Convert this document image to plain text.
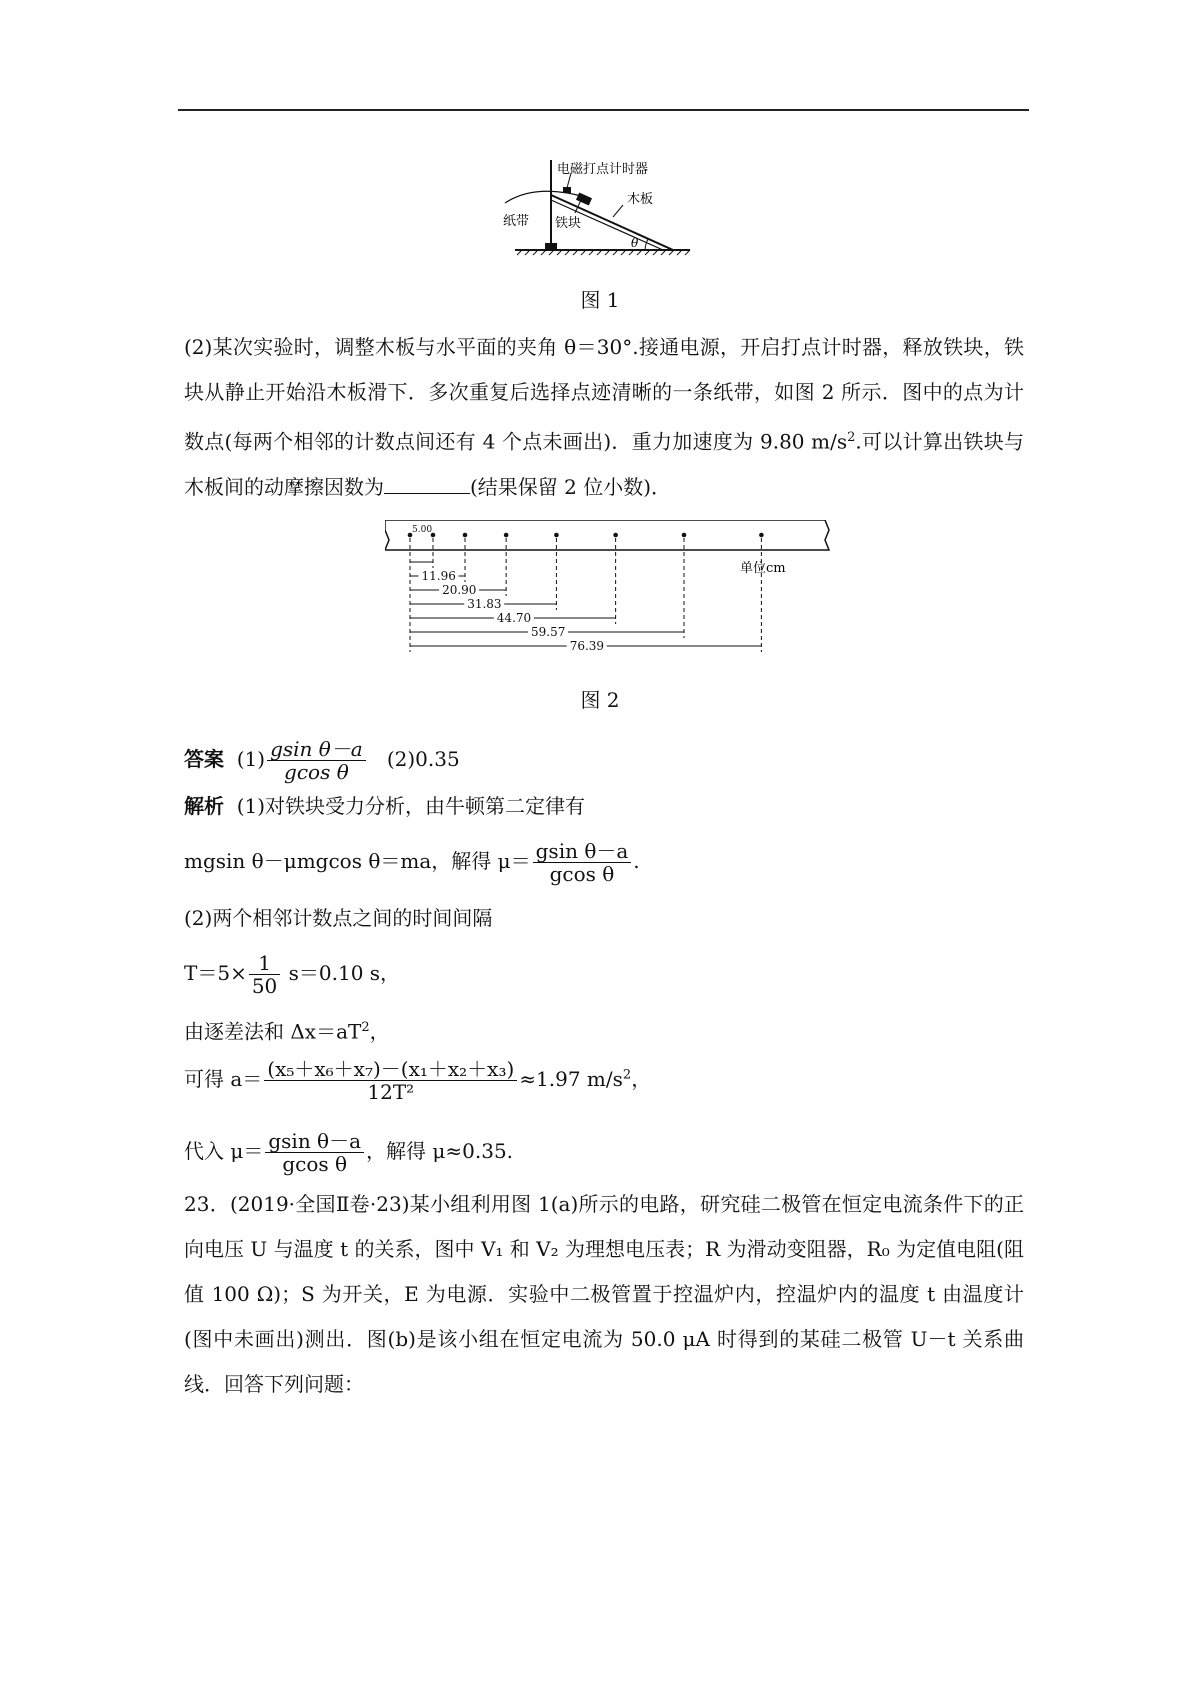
电磁打点计时器
纸带 铁块
木板
θ
图 1
(2)某次实验时，调整木板与水平面的夹角 θ＝30°.接通电源，开启打点计时器，释放铁块，铁块从静止开始沿木板滑下．多次重复后选择点迹清晰的一条纸带，如图 2 所示．图中的点为计数点(每两个相邻的计数点间还有 4 个点未画出)．重力加速度为 9.80 $m/s^2$.可以计算出铁块与木板间的动摩擦因数为	(结果保留 2 位小数)．
5.00
11.96
20.90
31.83
44.70
59.57
76.39
单位cm
图 2
答案 $(1) \frac{\text{gsin θ－a}}{\text{gcos θ}} (2)0.35$
解析 (1)对铁块受力分析，由牛顿第二定律有
mgsin θ－μmgcos θ＝ma，解得 $\mu= \frac{\text{gsin θ－a}}{\text{gcos θ}}$ .
(2)两个相邻计数点之间的时间间隔
$T=5\times \frac{1}{50} s=0.10$ s，
由逐差法和 $\Delta x=aT^2$，
可得 $a= \frac{\text{(x₅＋x₆＋x₇)－(x₁＋x₂＋x₃)}}{\text{12T²}} \approx 1.97$ $m/s^2$，
代入 $\mu= \frac{\text{gsin θ－a}}{\text{gcos θ}}$ ，解得 μ≈0.35.
23．(2019·全国Ⅱ卷·23)某小组利用图 1(a)所示的电路，研究硅二极管在恒定电流条件下的正向电压 U 与温度 t 的关系，图中 V₁ 和 V₂ 为理想电压表；R 为滑动变阻器，R₀ 为定值电阻(阻值 100 Ω)；S 为开关，E 为电源．实验中二极管置于控温炉内，控温炉内的温度 t 由温度计(图中未画出)测出．图(b)是该小组在恒定电流为 50.0 μA 时得到的某硅二极管 U－t 关系曲线．回答下列问题：
